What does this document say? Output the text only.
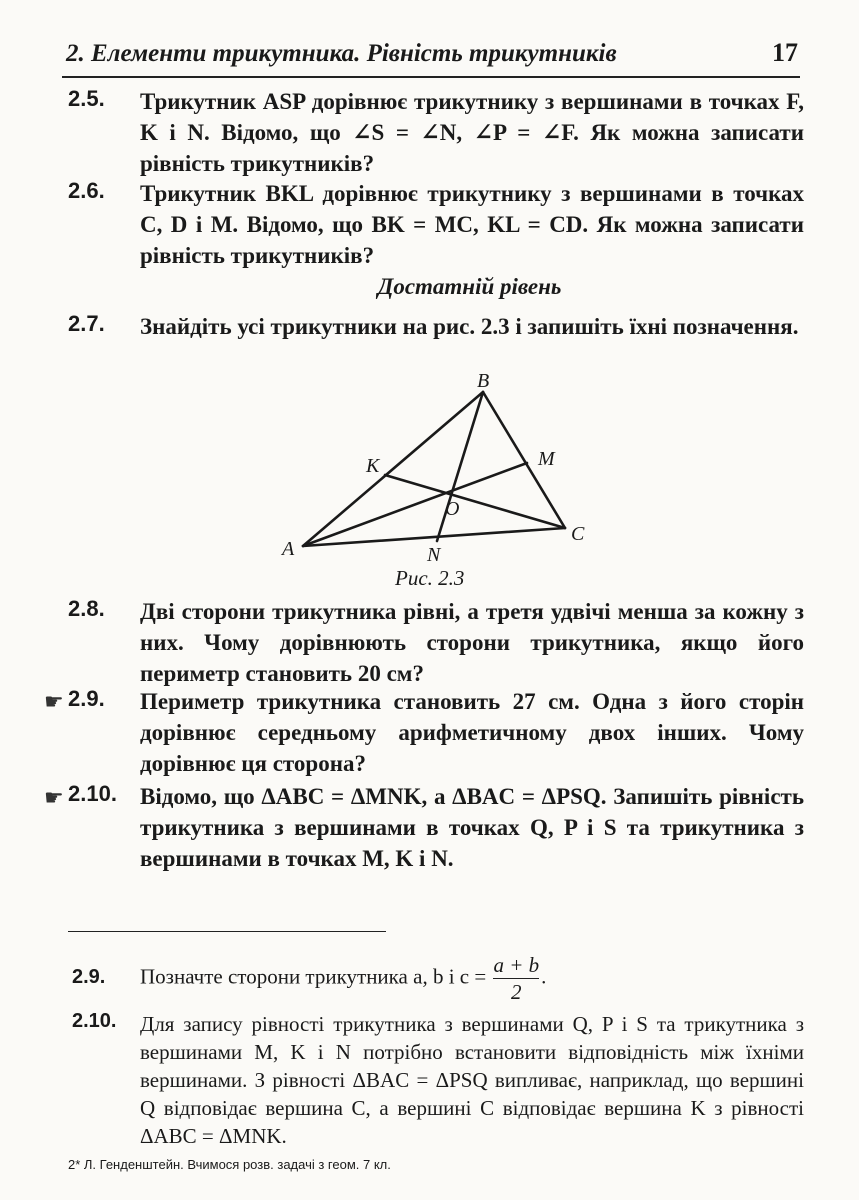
2. Елементи трикутника. Рівність трикутників	17
2.5. Трикутник ASP дорівнює трикутнику з вершинами в точках F, K і N. Відомо, що ∠S = ∠N, ∠P = ∠F. Як можна записати рівність трикутників?
2.6. Трикутник BKL дорівнює трикутнику з вершинами в точках C, D і M. Відомо, що BK = MC, KL = CD. Як можна записати рівність трикутників?
Достатній рівень
2.7. Знайдіть усі трикутники на рис. 2.3 і запишіть їхні позначення.
A
B
C
K	M
N
O
Рис. 2.3
2.8. Дві сторони трикутника рівні, а третя удвічі менша за кожну з них. Чому дорівнюють сторони трикутника, якщо його периметр становить 20 см?
☛ 2.9. Периметр трикутника становить 27 см. Одна з його сторін дорівнює середньому арифметичному двох інших. Чому дорівнює ця сторона?
☛ 2.10. Відомо, що ΔABC = ΔMNK, а ΔBAC = ΔPSQ. Запишіть рівність трикутника з вершинами в точках Q, P і S та трикутника з вершинами в точках M, K і N.
2.9. Позначте сторони трикутника a, b і $c = \frac{a + b}{2}$ .
2.10. Для запису рівності трикутника з вершинами Q, P і S та трикутника з вершинами M, K і N потрібно встановити відповідність між їхніми вершинами. З рівності ΔBAC = ΔPSQ випливає, наприклад, що вершині Q відповідає вершина C, а вершині C відповідає вершина K з рівності ΔABC = ΔMNK.
2* Л. Генденштейн. Вчимося розв. задачі з геом. 7 кл.
